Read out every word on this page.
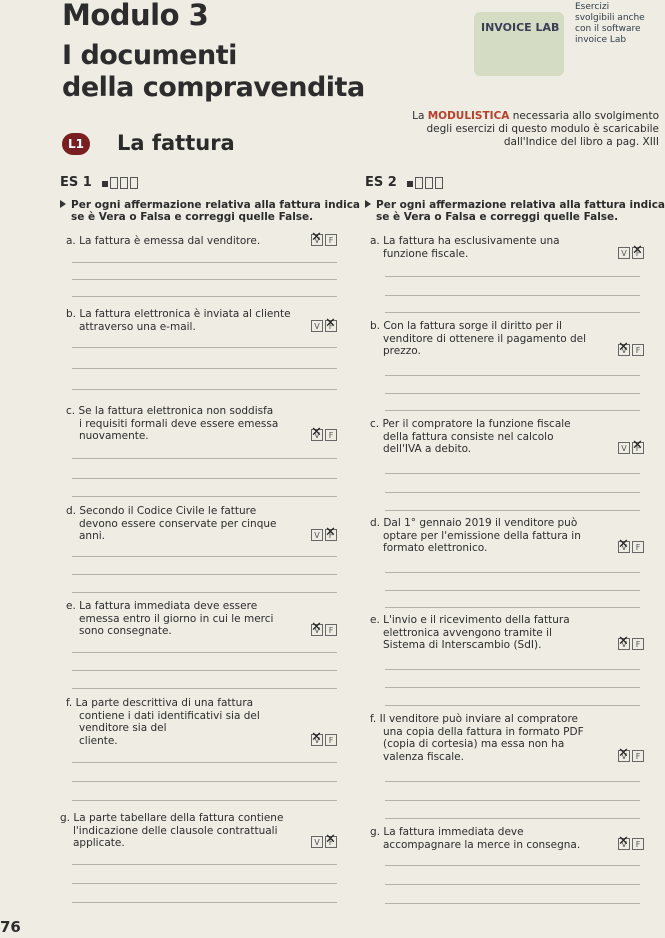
Modulo 3
I documenti
della compravendita
INVOICE LAB
Esercizi
svolgibili anche
con il software
invoice Lab
La MODULISTICA necessaria allo svolgimento
degli esercizi di questo modulo è scaricabile
dall'Indice del libro a pag. XIII
L1 La fattura
ES 1
Per ogni affermazione relativa alla fattura indica
se è Vera o Falsa e correggi quelle False.
ES 2
Per ogni affermazione relativa alla fattura indica
se è Vera o Falsa e correggi quelle False.
a. La fattura è emessa dal venditore.	V ✕	F
b. La fattura elettronica è inviata al cliente
attraverso una e-mail.	V	F ✕
c. Se la fattura elettronica non soddisfa
i requisiti formali deve essere emessa
nuovamente.	V ✕	F
d. Secondo il Codice Civile le fatture
devono essere conservate per cinque
anni.	V	F ✕
e. La fattura immediata deve essere
emessa entro il giorno in cui le merci
sono consegnate.	V ✕	F
f. La parte descrittiva di una fattura
contiene i dati identificativi sia del
venditore sia del
cliente.	V ✕	F
g. La parte tabellare della fattura contiene
l'indicazione delle clausole contrattuali
applicate.	V	F ✕
a. La fattura ha esclusivamente una
funzione fiscale.	V	F ✕
b. Con la fattura sorge il diritto per il
venditore di ottenere il pagamento del
prezzo.	V ✕	F
c. Per il compratore la funzione fiscale
della fattura consiste nel calcolo
dell'IVA a debito.	V	F ✕
d. Dal 1° gennaio 2019 il venditore può
optare per l'emissione della fattura in
formato elettronico.	V ✕	F
e. L'invio e il ricevimento della fattura
elettronica avvengono tramite il
Sistema di Interscambio (SdI).	V ✕	F
f. Il venditore può inviare al compratore
una copia della fattura in formato PDF
(copia di cortesia) ma essa non ha
valenza fiscale.	V ✕	F
g. La fattura immediata deve
accompagnare la merce in consegna.	V ✕	F
76
